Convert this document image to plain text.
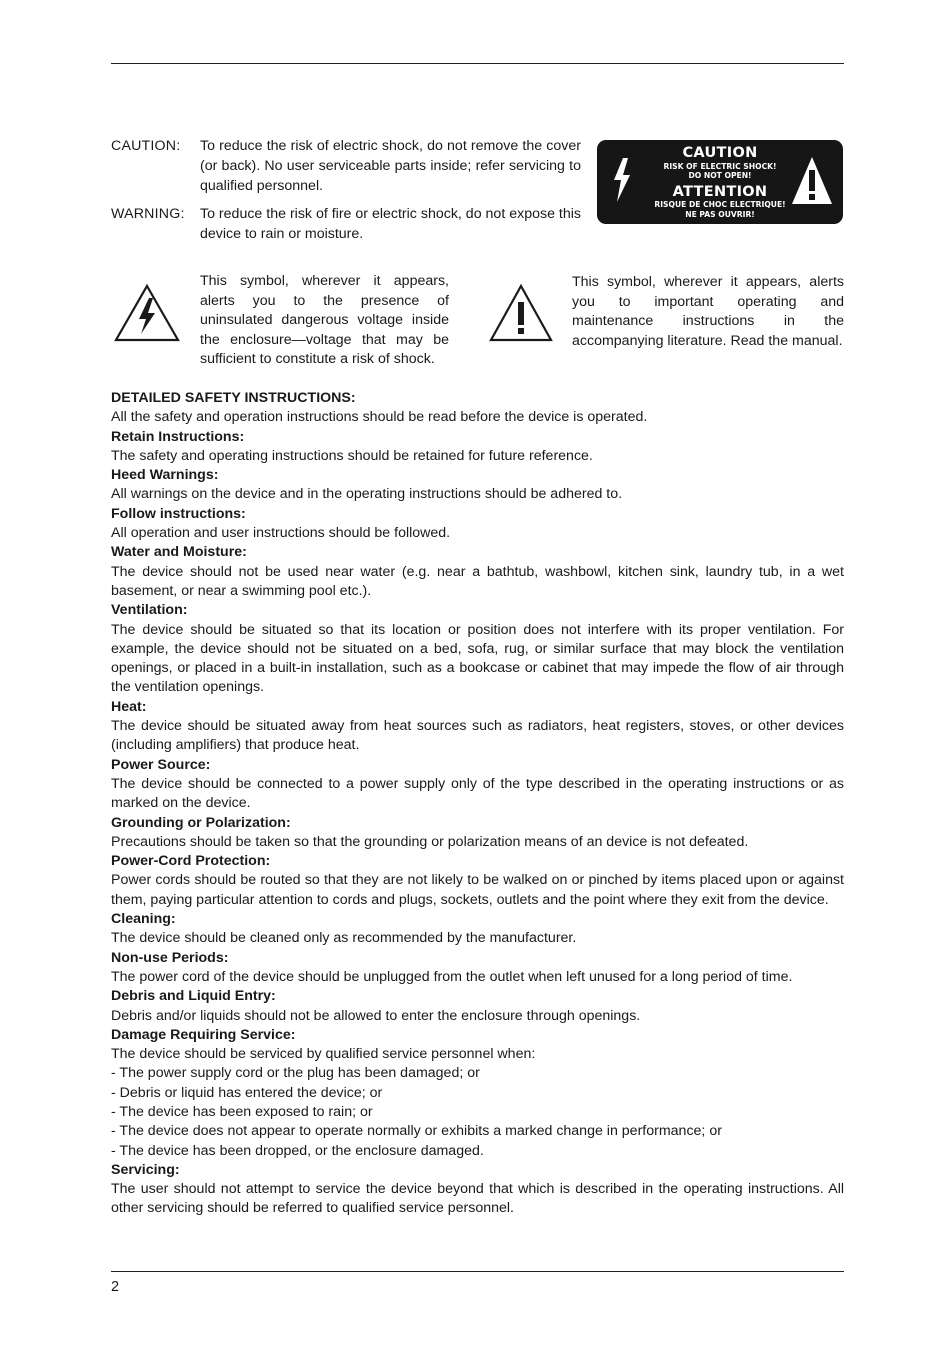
CAUTION: To reduce the risk of electric shock, do not remove the cover (or back). No user serviceable parts inside; refer servicing to qualified personnel.
WARNING: To reduce the risk of fire or electric shock, do not expose this device to rain or moisture.
CAUTION
RISK OF ELECTRIC SHOCK!
DO NOT OPEN!
ATTENTION
RISQUE DE CHOC ELECTRIQUE!
NE PAS OUVRIR!
This symbol, wherever it appears, alerts you to the presence of uninsulated dangerous voltage inside the enclosure—voltage that may be sufficient to constitute a risk of shock.
This symbol, wherever it appears, alerts you to important operating and maintenance instructions in the accompanying literature. Read the manual.
DETAILED SAFETY INSTRUCTIONS:

All the safety and operation instructions should be read before the device is operated.

Retain Instructions:

The safety and operating instructions should be retained for future reference.

Heed Warnings:

All warnings on the device and in the operating instructions should be adhered to.

Follow instructions:

All operation and user instructions should be followed.

Water and Moisture:

The device should not be used near water (e.g. near a bathtub, washbowl, kitchen sink, laundry tub, in a wet basement, or near a swimming pool etc.).

Ventilation:

The device should be situated so that its location or position does not interfere with its proper ventilation. For example, the device should not be situated on a bed, sofa, rug, or similar surface that may block the ventilation openings, or placed in a built-in installation, such as a bookcase or cabinet that may impede the flow of air through the ventilation openings.

Heat:

The device should be situated away from heat sources such as radiators, heat registers, stoves, or other devices (including amplifiers) that produce heat.

Power Source:

The device should be connected to a power supply only of the type described in the operating instructions or as marked on the device.

Grounding or Polarization:

Precautions should be taken so that the grounding or polarization means of an device is not defeated.

Power-Cord Protection:

Power cords should be routed so that they are not likely to be walked on or pinched by items placed upon or against them, paying particular attention to cords and plugs, sockets, outlets and the point where they exit from the device.

Cleaning:

The device should be cleaned only as recommended by the manufacturer.

Non-use Periods:

The power cord of the device should be unplugged from the outlet when left unused for a long period of time.

Debris and Liquid Entry:

Debris and/or liquids should not be allowed to enter the enclosure through openings.

Damage Requiring Service:

The device should be serviced by qualified service personnel when:

- The power supply cord or the plug has been damaged; or
- Debris or liquid has entered the device; or
- The device has been exposed to rain; or
- The device does not appear to operate normally or exhibits a marked change in performance; or
- The device has been dropped, or the enclosure damaged.
Servicing:

The user should not attempt to service the device beyond that which is described in the operating instructions. All other servicing should be referred to qualified service personnel.

2
